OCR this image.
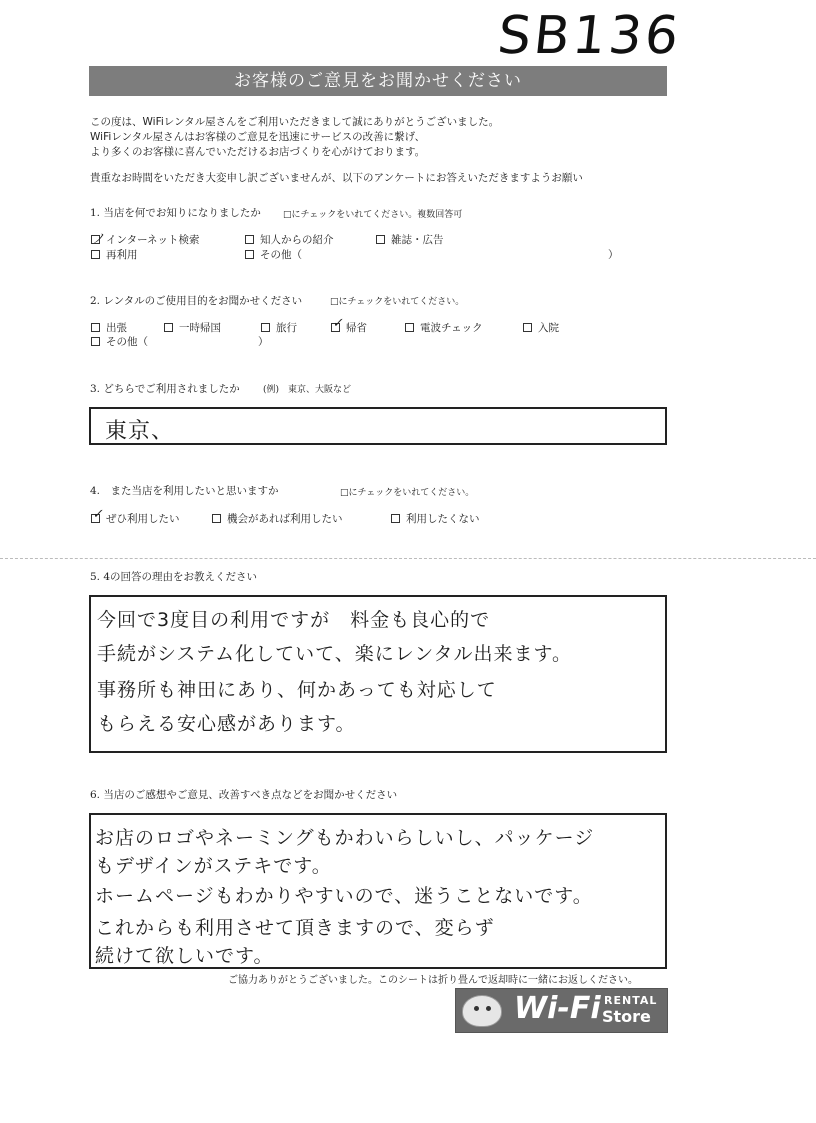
SB136
お客様のご意見をお聞かせください
この度は、WiFiレンタル屋さんをご利用いただきまして誠にありがとうございました。
WiFiレンタル屋さんはお客様のご意見を迅速にサービスの改善に繋げ、
より多くのお客様に喜んでいただけるお店づくりを心がけております。
貴重なお時間をいただき大変申し訳ございませんが、以下のアンケートにお答えいただきますようお願い
1. 当店を何でお知りになりましたか □にチェックをいれてください。複数回答可
ノ インターネット検索	知人からの紹介	雑誌・広告
再利用	その他（	）
2. レンタルのご使用目的をお聞かせください	□にチェックをいれてください。
出張	一時帰国	旅行	✓ 帰省	電波チェック	入院
その他（	）
3. どちらでご利用されましたか	(例)　東京、大阪など
東京、
4.　また当店を利用したいと思いますか	□にチェックをいれてください。
✓ ぜひ利用したい	機会があれば利用したい	利用したくない
5. 4の回答の理由をお教えください
今回で3度目の利用ですが　料金も良心的で
手続がシステム化していて、楽にレンタル出来ます。
事務所も神田にあり、何かあっても対応して
もらえる安心感があります。
6. 当店のご感想やご意見、改善すべき点などをお聞かせください
お店のロゴやネーミングもかわいらしいし、パッケージ
もデザインがステキです。
ホームページもわかりやすいので、迷うことないです。
これからも利用させて頂きますので、変らず
続けて欲しいです。
ご協力ありがとうございました。このシートは折り畳んで返却時に一緒にお返しください。
Wi-Fi RENTAL
Store
